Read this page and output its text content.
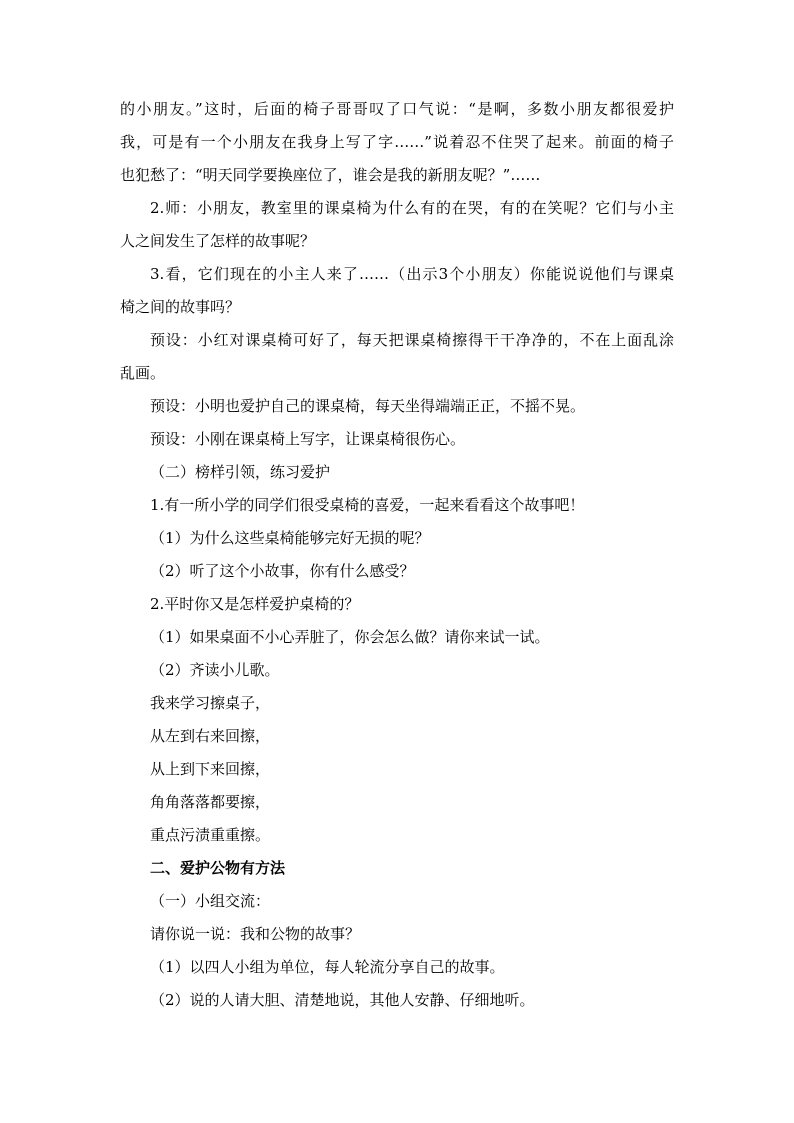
的小朋友。”这时，后面的椅子哥哥叹了口气说：“是啊，多数小朋友都很爱护

我，可是有一个小朋友在我身上写了字……”说着忍不住哭了起来。前面的椅子

也犯愁了：“明天同学要换座位了，谁会是我的新朋友呢？”……

2.师：小朋友，教室里的课桌椅为什么有的在哭，有的在笑呢？它们与小主

人之间发生了怎样的故事呢？

3.看，它们现在的小主人来了……（出示3个小朋友）你能说说他们与课桌

椅之间的故事吗？

预设：小红对课桌椅可好了，每天把课桌椅擦得干干净净的，不在上面乱涂

乱画。

预设：小明也爱护自己的课桌椅，每天坐得端端正正，不摇不晃。

预设：小刚在课桌椅上写字，让课桌椅很伤心。

（二）榜样引领，练习爱护

1.有一所小学的同学们很受桌椅的喜爱，一起来看看这个故事吧！

（1）为什么这些桌椅能够完好无损的呢？

（2）听了这个小故事，你有什么感受？

2.平时你又是怎样爱护桌椅的？

（1）如果桌面不小心弄脏了，你会怎么做？请你来试一试。

（2）齐读小儿歌。

我来学习擦桌子，

从左到右来回擦，

从上到下来回擦，

角角落落都要擦，

重点污渍重重擦。

二、爱护公物有方法

（一）小组交流：

请你说一说：我和公物的故事？

（1）以四人小组为单位，每人轮流分享自己的故事。

（2）说的人请大胆、清楚地说，其他人安静、仔细地听。
